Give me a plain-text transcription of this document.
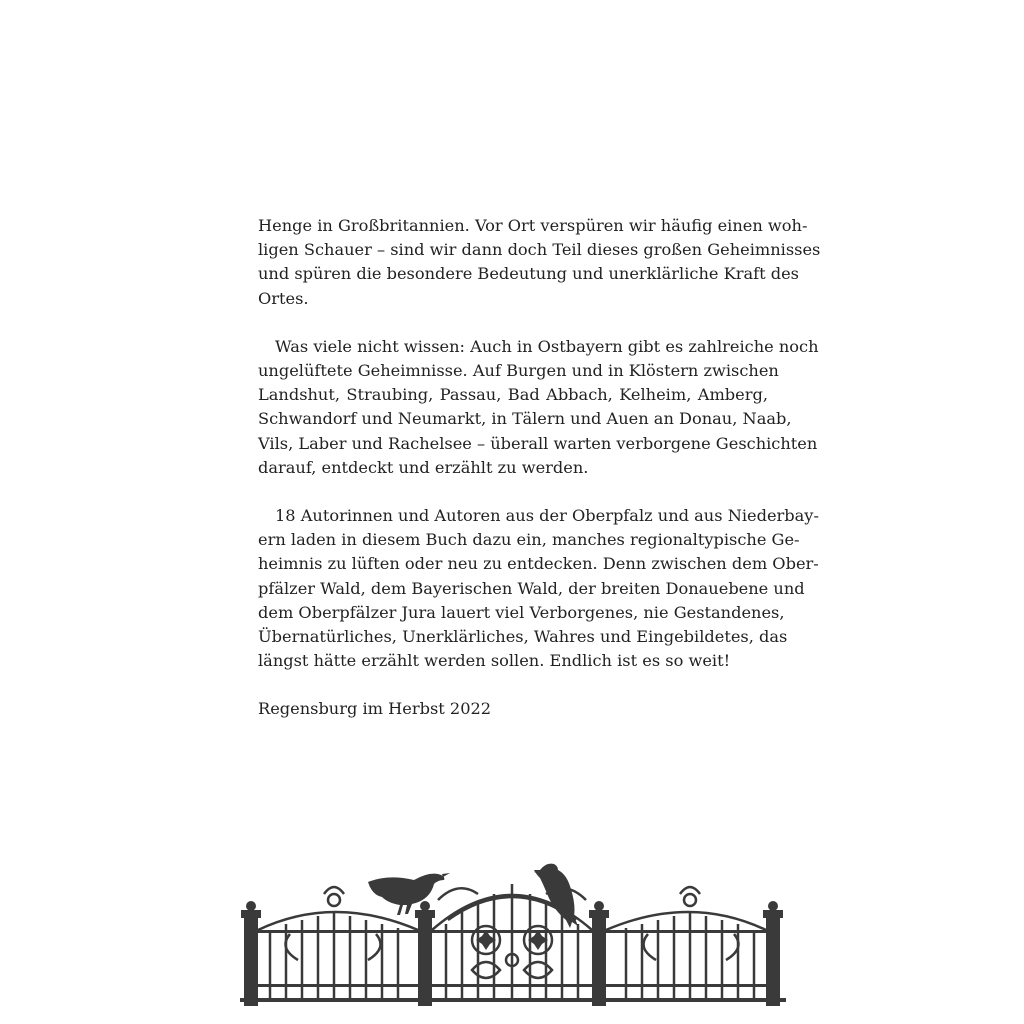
Henge in Großbritannien. Vor Ort verspüren wir häufig einen woh-
ligen Schauer – sind wir dann doch Teil dieses großen Geheimnisses
und spüren die besondere Bedeutung und unerklärliche Kraft des
Ortes.
Was viele nicht wissen: Auch in Ostbayern gibt es zahlreiche noch
ungelüftete Geheimnisse. Auf Burgen und in Klöstern zwischen
Landshut, Straubing, Passau, Bad Abbach, Kelheim, Amberg,
Schwandorf und Neumarkt, in Tälern und Auen an Donau, Naab,
Vils, Laber und Rachelsee – überall warten verborgene Geschichten
darauf, entdeckt und erzählt zu werden.
18 Autorinnen und Autoren aus der Oberpfalz und aus Niederbay-
ern laden in diesem Buch dazu ein, manches regionaltypische Ge-
heimnis zu lüften oder neu zu entdecken. Denn zwischen dem Ober-
pfälzer Wald, dem Bayerischen Wald, der breiten Donauebene und
dem Oberpfälzer Jura lauert viel Verborgenes, nie Gestandenes,
Übernatürliches, Unerklärliches, Wahres und Eingebildetes, das
längst hätte erzählt werden sollen. Endlich ist es so weit!
Regensburg im Herbst 2022
